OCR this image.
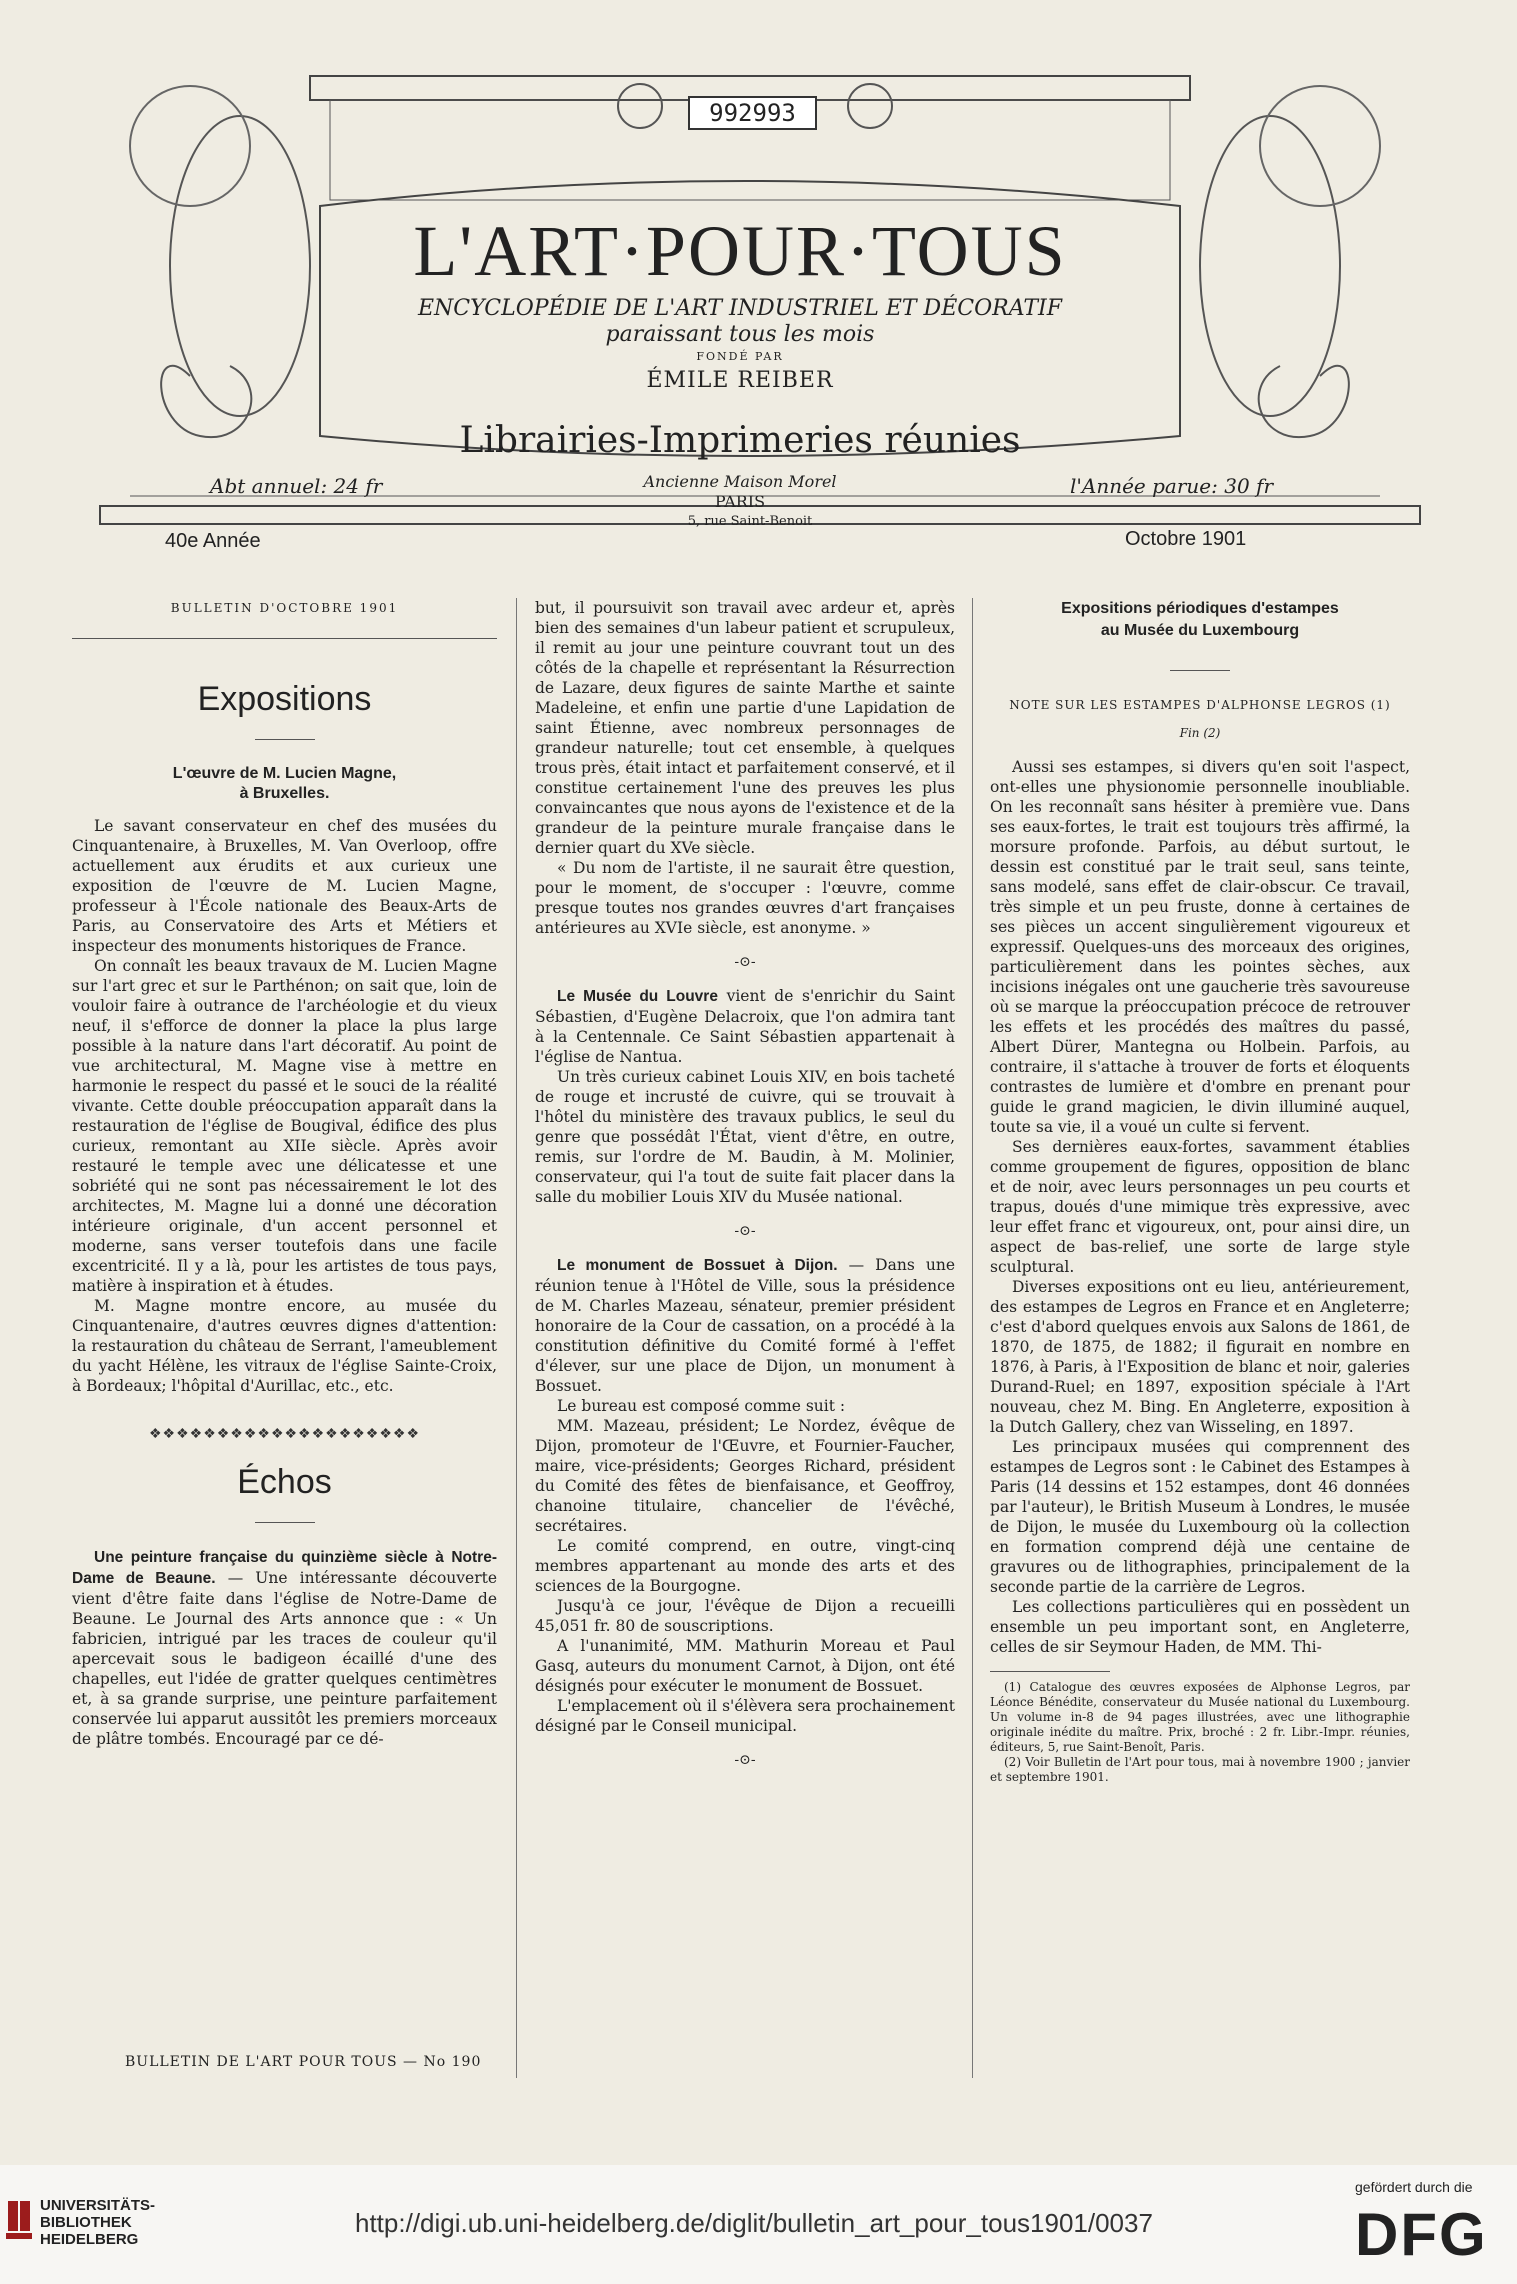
992993
L'ART·POUR·TOUS
ENCYCLOPÉDIE DE L'ART INDUSTRIEL ET DÉCORATIF
paraissant tous les mois
FONDÉ PAR
ÉMILE REIBER
Librairies-Imprimeries réunies
Abt annuel: 24 fr	l'Année parue: 30 fr
Ancienne Maison Morel
PARIS
5, rue Saint-Benoit
40e Année	Octobre 1901
BULLETIN D'OCTOBRE 1901
Expositions
L'œuvre de M. Lucien Magne,
à Bruxelles.

Le savant conservateur en chef des musées du Cinquantenaire, à Bruxelles, M. Van Overloop, offre actuellement aux érudits et aux curieux une exposition de l'œuvre de M. Lucien Magne, professeur à l'École nationale des Beaux-Arts de Paris, au Conservatoire des Arts et Métiers et inspecteur des monuments historiques de France.

On connaît les beaux travaux de M. Lucien Magne sur l'art grec et sur le Parthénon; on sait que, loin de vouloir faire à outrance de l'archéologie et du vieux neuf, il s'efforce de donner la place la plus large possible à la nature dans l'art décoratif. Au point de vue architectural, M. Magne vise à mettre en harmonie le respect du passé et le souci de la réalité vivante. Cette double préoccupation apparaît dans la restauration de l'église de Bougival, édifice des plus curieux, remontant au XIIe siècle. Après avoir restauré le temple avec une délicatesse et une sobriété qui ne sont pas nécessairement le lot des architectes, M. Magne lui a donné une décoration intérieure originale, d'un accent personnel et moderne, sans verser toutefois dans une facile excentricité. Il y a là, pour les artistes de tous pays, matière à inspiration et à études.

M. Magne montre encore, au musée du Cinquantenaire, d'autres œuvres dignes d'attention: la restauration du château de Serrant, l'ameublement du yacht Hélène, les vitraux de l'église Sainte-Croix, à Bordeaux; l'hôpital d'Aurillac, etc., etc.

❖❖❖❖❖❖❖❖❖❖❖❖❖❖❖❖❖❖❖❖
Échos

Une peinture française du quinzième siècle à Notre-Dame de Beaune. — Une intéressante découverte vient d'être faite dans l'église de Notre-Dame de Beaune. Le Journal des Arts annonce que : « Un fabricien, intrigué par les traces de couleur qu'il apercevait sous le badigeon écaillé d'une des chapelles, eut l'idée de gratter quelques centimètres et, à sa grande surprise, une peinture parfaitement conservée lui apparut aussitôt les premiers morceaux de plâtre tombés. Encouragé par ce dé-

but, il poursuivit son travail avec ardeur et, après bien des semaines d'un labeur patient et scrupuleux, il remit au jour une peinture couvrant tout un des côtés de la chapelle et représentant la Résurrection de Lazare, deux figures de sainte Marthe et sainte Madeleine, et enfin une partie d'une Lapidation de saint Étienne, avec nombreux personnages de grandeur naturelle; tout cet ensemble, à quelques trous près, était intact et parfaitement conservé, et il constitue certainement l'une des preuves les plus convaincantes que nous ayons de l'existence et de la grandeur de la peinture murale française dans le dernier quart du XVe siècle.

« Du nom de l'artiste, il ne saurait être question, pour le moment, de s'occuper : l'œuvre, comme presque toutes nos grandes œuvres d'art françaises antérieures au XVIe siècle, est anonyme. »

-⊙-

Le Musée du Louvre vient de s'enrichir du Saint Sébastien, d'Eugène Delacroix, que l'on admira tant à la Centennale. Ce Saint Sébastien appartenait à l'église de Nantua.

Un très curieux cabinet Louis XIV, en bois tacheté de rouge et incrusté de cuivre, qui se trouvait à l'hôtel du ministère des travaux publics, le seul du genre que possédât l'État, vient d'être, en outre, remis, sur l'ordre de M. Baudin, à M. Molinier, conservateur, qui l'a tout de suite fait placer dans la salle du mobilier Louis XIV du Musée national.

-⊙-

Le monument de Bossuet à Dijon. — Dans une réunion tenue à l'Hôtel de Ville, sous la présidence de M. Charles Mazeau, sénateur, premier président honoraire de la Cour de cassation, on a procédé à la constitution définitive du Comité formé à l'effet d'élever, sur une place de Dijon, un monument à Bossuet.

Le bureau est composé comme suit :

MM. Mazeau, président; Le Nordez, évêque de Dijon, promoteur de l'Œuvre, et Fournier-Faucher, maire, vice-présidents; Georges Richard, président du Comité des fêtes de bienfaisance, et Geoffroy, chanoine titulaire, chancelier de l'évêché, secrétaires.

Le comité comprend, en outre, vingt-cinq membres appartenant au monde des arts et des sciences de la Bourgogne.

Jusqu'à ce jour, l'évêque de Dijon a recueilli 45,051 fr. 80 de souscriptions.

A l'unanimité, MM. Mathurin Moreau et Paul Gasq, auteurs du monument Carnot, à Dijon, ont été désignés pour exécuter le monument de Bossuet.

L'emplacement où il s'élèvera sera prochainement désigné par le Conseil municipal.

-⊙-
Expositions périodiques d'estampes
au Musée du Luxembourg
NOTE SUR LES ESTAMPES D'ALPHONSE LEGROS (1)
Fin (2)

Aussi ses estampes, si divers qu'en soit l'aspect, ont-elles une physionomie personnelle inoubliable. On les reconnaît sans hésiter à première vue. Dans ses eaux-fortes, le trait est toujours très affirmé, la morsure profonde. Parfois, au début surtout, le dessin est constitué par le trait seul, sans teinte, sans modelé, sans effet de clair-obscur. Ce travail, très simple et un peu fruste, donne à certaines de ses pièces un accent singulièrement vigoureux et expressif. Quelques-uns des morceaux des origines, particulièrement dans les pointes sèches, aux incisions inégales ont une gaucherie très savoureuse où se marque la préoccupation précoce de retrouver les effets et les procédés des maîtres du passé, Albert Dürer, Mantegna ou Holbein. Parfois, au contraire, il s'attache à trouver de forts et éloquents contrastes de lumière et d'ombre en prenant pour guide le grand magicien, le divin illuminé auquel, toute sa vie, il a voué un culte si fervent.

Ses dernières eaux-fortes, savamment établies comme groupement de figures, opposition de blanc et de noir, avec leurs personnages un peu courts et trapus, doués d'une mimique très expressive, avec leur effet franc et vigoureux, ont, pour ainsi dire, un aspect de bas-relief, une sorte de large style sculptural.

Diverses expositions ont eu lieu, antérieurement, des estampes de Legros en France et en Angleterre; c'est d'abord quelques envois aux Salons de 1861, de 1870, de 1875, de 1882; il figurait en nombre en 1876, à Paris, à l'Exposition de blanc et noir, galeries Durand-Ruel; en 1897, exposition spéciale à l'Art nouveau, chez M. Bing. En Angleterre, exposition à la Dutch Gallery, chez van Wisseling, en 1897.

Les principaux musées qui comprennent des estampes de Legros sont : le Cabinet des Estampes à Paris (14 dessins et 152 estampes, dont 46 données par l'auteur), le British Museum à Londres, le musée de Dijon, le musée du Luxembourg où la collection en formation comprend déjà une centaine de gravures ou de lithographies, principalement de la seconde partie de la carrière de Legros.

Les collections particulières qui en possèdent un ensemble un peu important sont, en Angleterre, celles de sir Seymour Haden, de MM. Thi-

(1) Catalogue des œuvres exposées de Alphonse Legros, par Léonce Bénédite, conservateur du Musée national du Luxembourg. Un volume in-8 de 94 pages illustrées, avec une lithographie originale inédite du maître. Prix, broché : 2 fr. Libr.-Impr. réunies, éditeurs, 5, rue Saint-Benoît, Paris.

(2) Voir Bulletin de l'Art pour tous, mai à novembre 1900 ; janvier et septembre 1901.

BULLETIN DE L'ART POUR TOUS — No 190
UNIVERSITÄTS-
BIBLIOTHEK
HEIDELBERG
http://digi.ub.uni-heidelberg.de/diglit/bulletin_art_pour_tous1901/0037
gefördert durch die
DFG
